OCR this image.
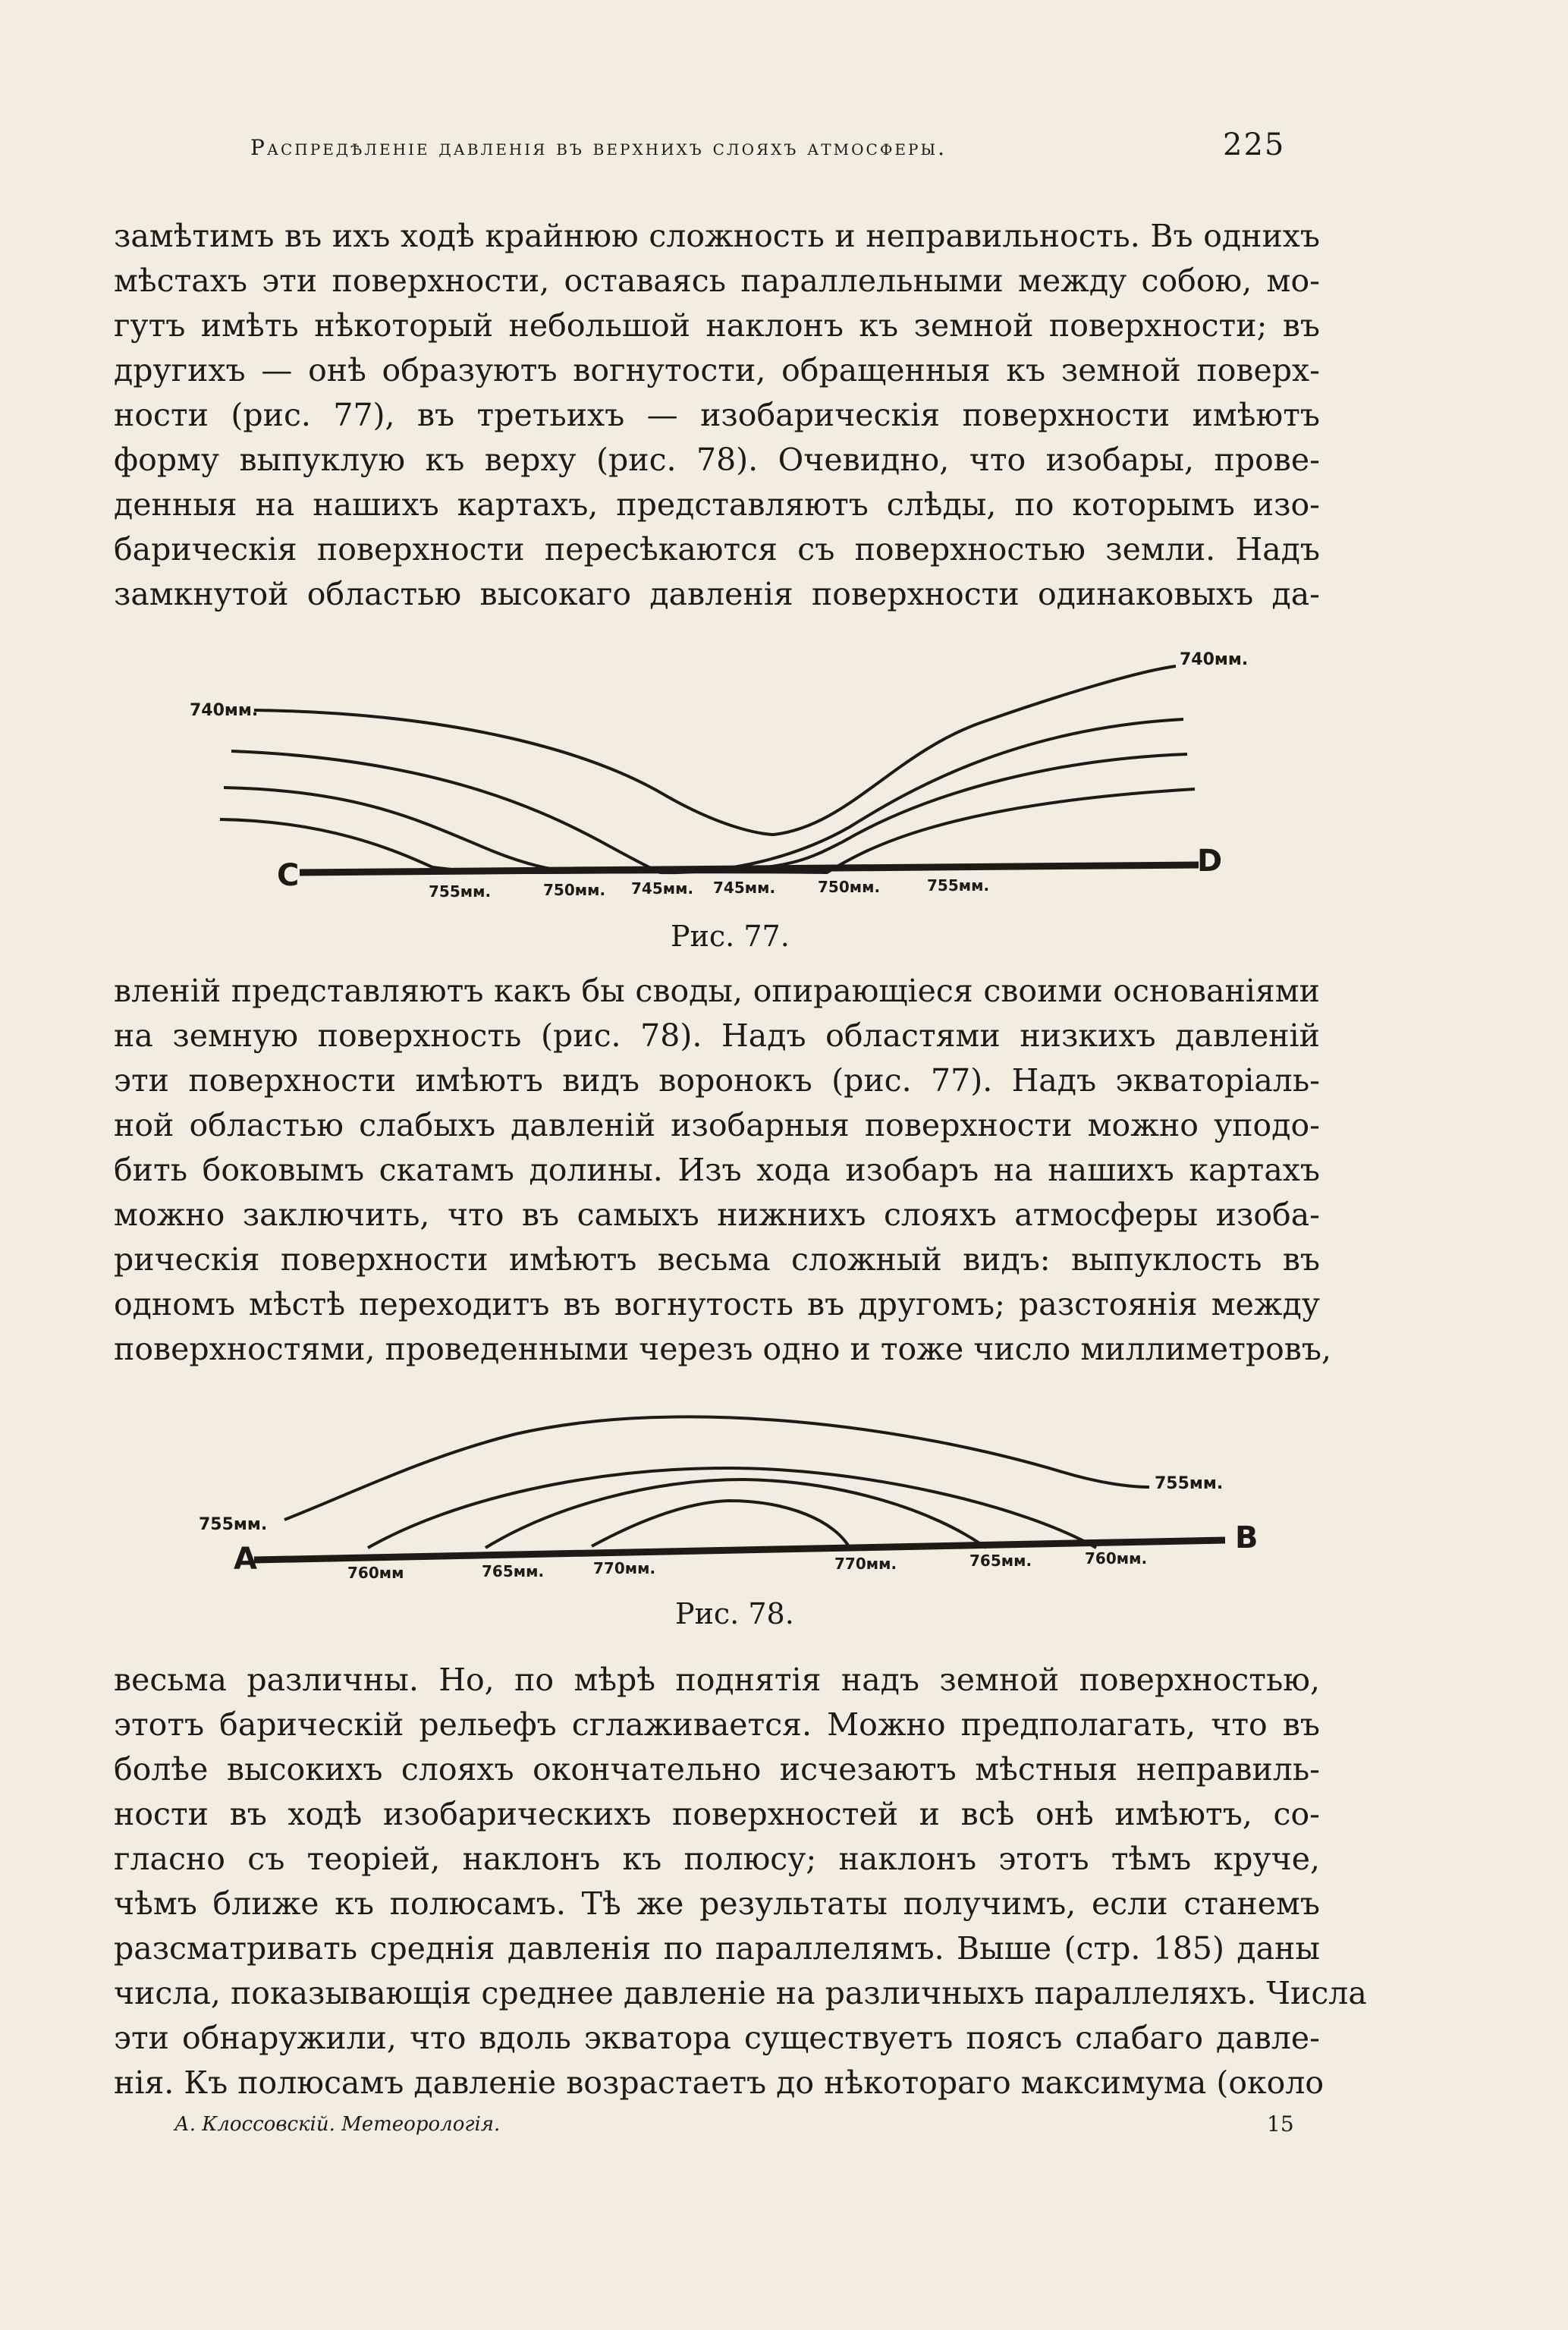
Распредѣленіе давленія въ верхнихъ слояхъ атмосферы.	225
замѣтимъ въ ихъ ходѣ крайнюю сложность и неправильность. Въ однихъ
мѣстахъ эти поверхности, оставаясь параллельными между собою, мо-
гутъ имѣть нѣкоторый небольшой наклонъ къ земной поверхности; въ
другихъ — онѣ образуютъ вогнутости, обращенныя къ земной поверх-
ности (рис. 77), въ третьихъ — изобарическія поверхности имѣютъ
форму выпуклую къ верху (рис. 78). Очевидно, что изобары, прове-
денныя на нашихъ картахъ, представляютъ слѣды, по которымъ изо-
барическія поверхности пересѣкаются съ поверхностью земли. Надъ
замкнутой областью высокаго давленія поверхности одинаковыхъ да-
C	D
740мм.
740мм.
755мм.	750мм. 745мм. 745мм.	750мм.	755мм.
Рис. 77.
вленій представляютъ какъ бы своды, опирающіеся своими основаніями
на земную поверхность (рис. 78). Надъ областями низкихъ давленій
эти поверхности имѣютъ видъ воронокъ (рис. 77). Надъ экваторіаль-
ной областью слабыхъ давленій изобарныя поверхности можно уподо-
бить боковымъ скатамъ долины. Изъ хода изобаръ на нашихъ картахъ
можно заключить, что въ самыхъ нижнихъ слояхъ атмосферы изоба-
рическія поверхности имѣютъ весьма сложный видъ: выпуклость въ
одномъ мѣстѣ переходитъ въ вогнутость въ другомъ; разстоянія между
поверхностями, проведенными черезъ одно и тоже число миллиметровъ,
A
B
755мм.
755мм.
760мм	765мм.	770мм.	770мм.	765мм.	760мм.
Рис. 78.
весьма различны. Но, по мѣрѣ поднятія надъ земной поверхностью,
этотъ барическій рельефъ сглаживается. Можно предполагать, что въ
болѣе высокихъ слояхъ окончательно исчезаютъ мѣстныя неправиль-
ности въ ходѣ изобарическихъ поверхностей и всѣ онѣ имѣютъ, со-
гласно съ теоріей, наклонъ къ полюсу; наклонъ этотъ тѣмъ круче,
чѣмъ ближе къ полюсамъ. Тѣ же результаты получимъ, если станемъ
разсматривать среднія давленія по параллелямъ. Выше (стр. 185) даны
числа, показывающія среднее давленіе на различныхъ параллеляхъ. Числа
эти обнаружили, что вдоль экватора существуетъ поясъ слабаго давле-
нія. Къ полюсамъ давленіе возрастаетъ до нѣкотораго максимума (около
А. Клоссовскій. Метеорологія.	15
